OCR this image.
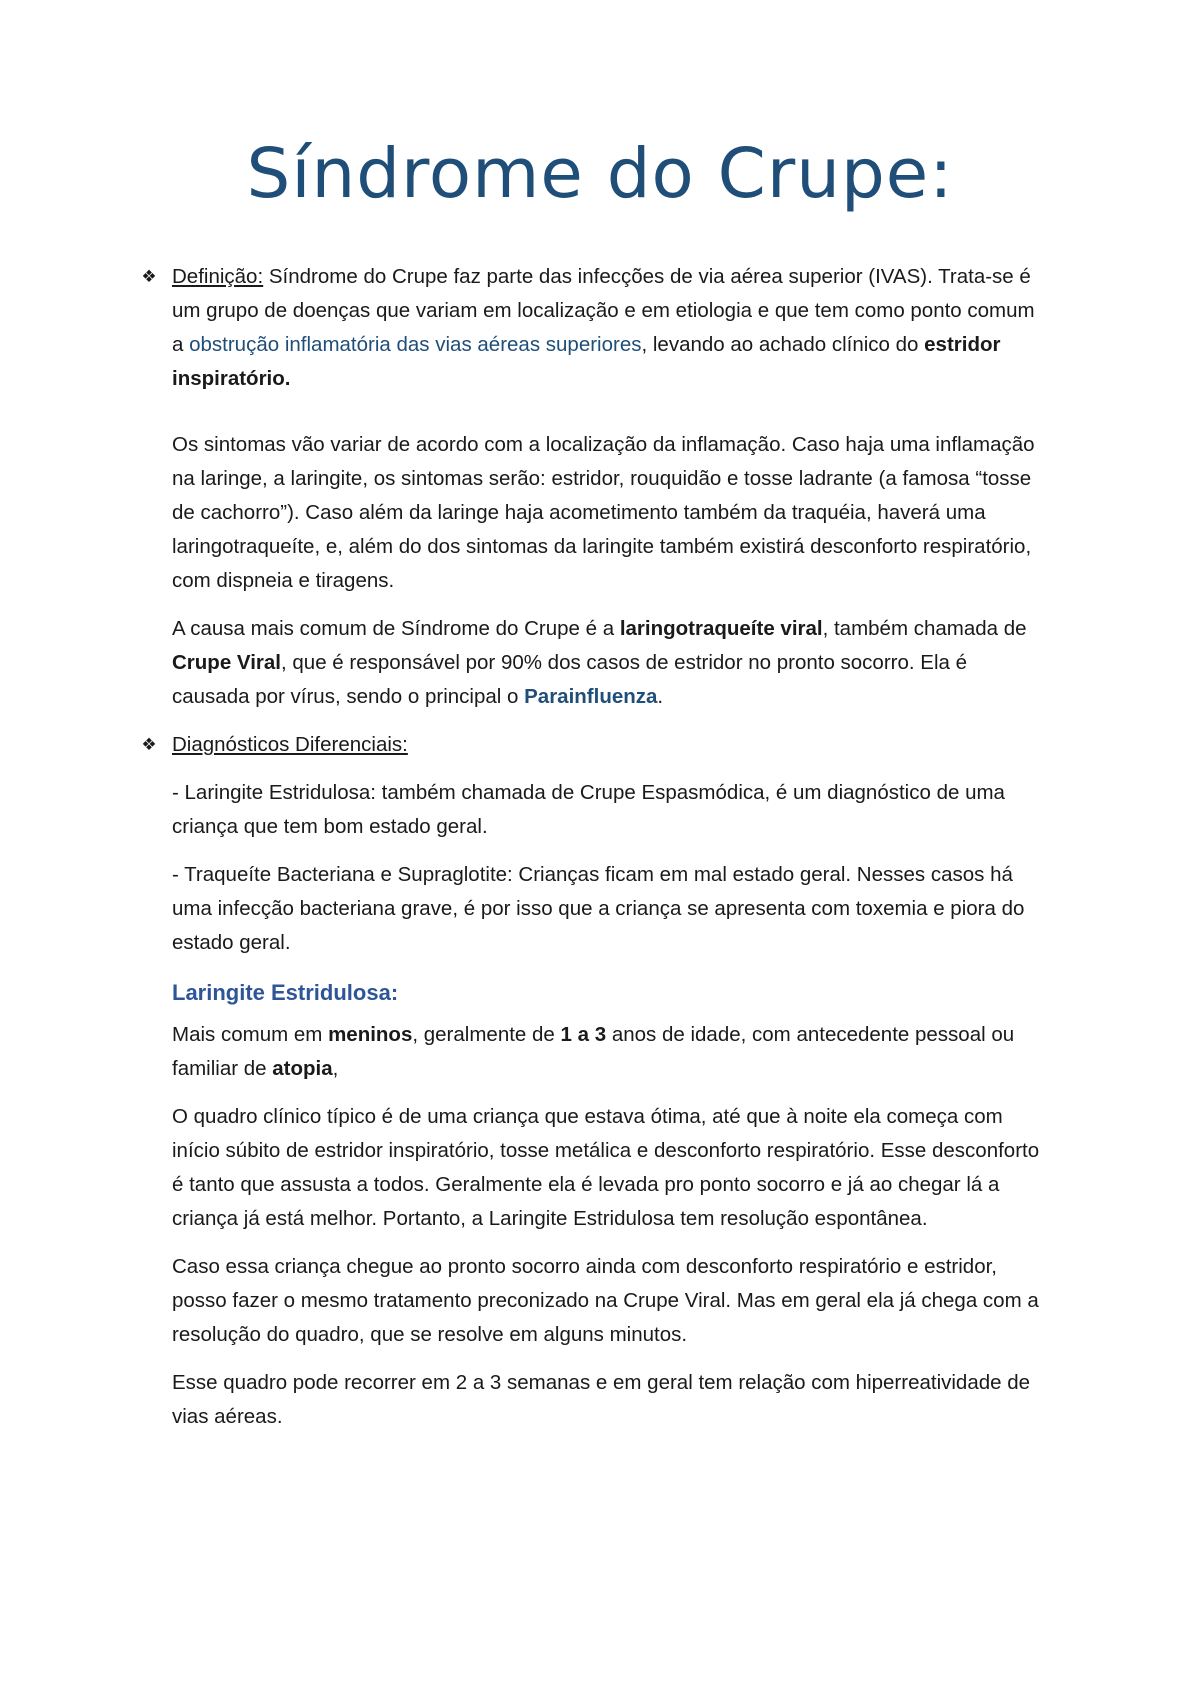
Síndrome do Crupe:
❖ Definição: Síndrome do Crupe faz parte das infecções de via aérea superior (IVAS). Trata-se é um grupo de doenças que variam em localização e em etiologia e que tem como ponto comum a obstrução inflamatória das vias aéreas superiores, levando ao achado clínico do estridor inspiratório.

Os sintomas vão variar de acordo com a localização da inflamação. Caso haja uma inflamação na laringe, a laringite, os sintomas serão: estridor, rouquidão e tosse ladrante (a famosa “tosse de cachorro”). Caso além da laringe haja acometimento também da traquéia, haverá uma laringotraqueíte, e, além do dos sintomas da laringite também existirá desconforto respiratório, com dispneia e tiragens.

A causa mais comum de Síndrome do Crupe é a laringotraqueíte viral, também chamada de Crupe Viral, que é responsável por 90% dos casos de estridor no pronto socorro. Ela é causada por vírus, sendo o principal o Parainfluenza.

❖ Diagnósticos Diferenciais:

- Laringite Estridulosa: também chamada de Crupe Espasmódica, é um diagnóstico de uma criança que tem bom estado geral.

- Traqueíte Bacteriana e Supraglotite: Crianças ficam em mal estado geral. Nesses casos há uma infecção bacteriana grave, é por isso que a criança se apresenta com toxemia e piora do estado geral.

Laringite Estridulosa:

Mais comum em meninos, geralmente de 1 a 3 anos de idade, com antecedente pessoal ou familiar de atopia,

O quadro clínico típico é de uma criança que estava ótima, até que à noite ela começa com início súbito de estridor inspiratório, tosse metálica e desconforto respiratório. Esse desconforto é tanto que assusta a todos. Geralmente ela é levada pro ponto socorro e já ao chegar lá a criança já está melhor. Portanto, a Laringite Estridulosa tem resolução espontânea.

Caso essa criança chegue ao pronto socorro ainda com desconforto respiratório e estridor, posso fazer o mesmo tratamento preconizado na Crupe Viral. Mas em geral ela já chega com a resolução do quadro, que se resolve em alguns minutos.

Esse quadro pode recorrer em 2 a 3 semanas e em geral tem relação com hiperreatividade de vias aéreas.
